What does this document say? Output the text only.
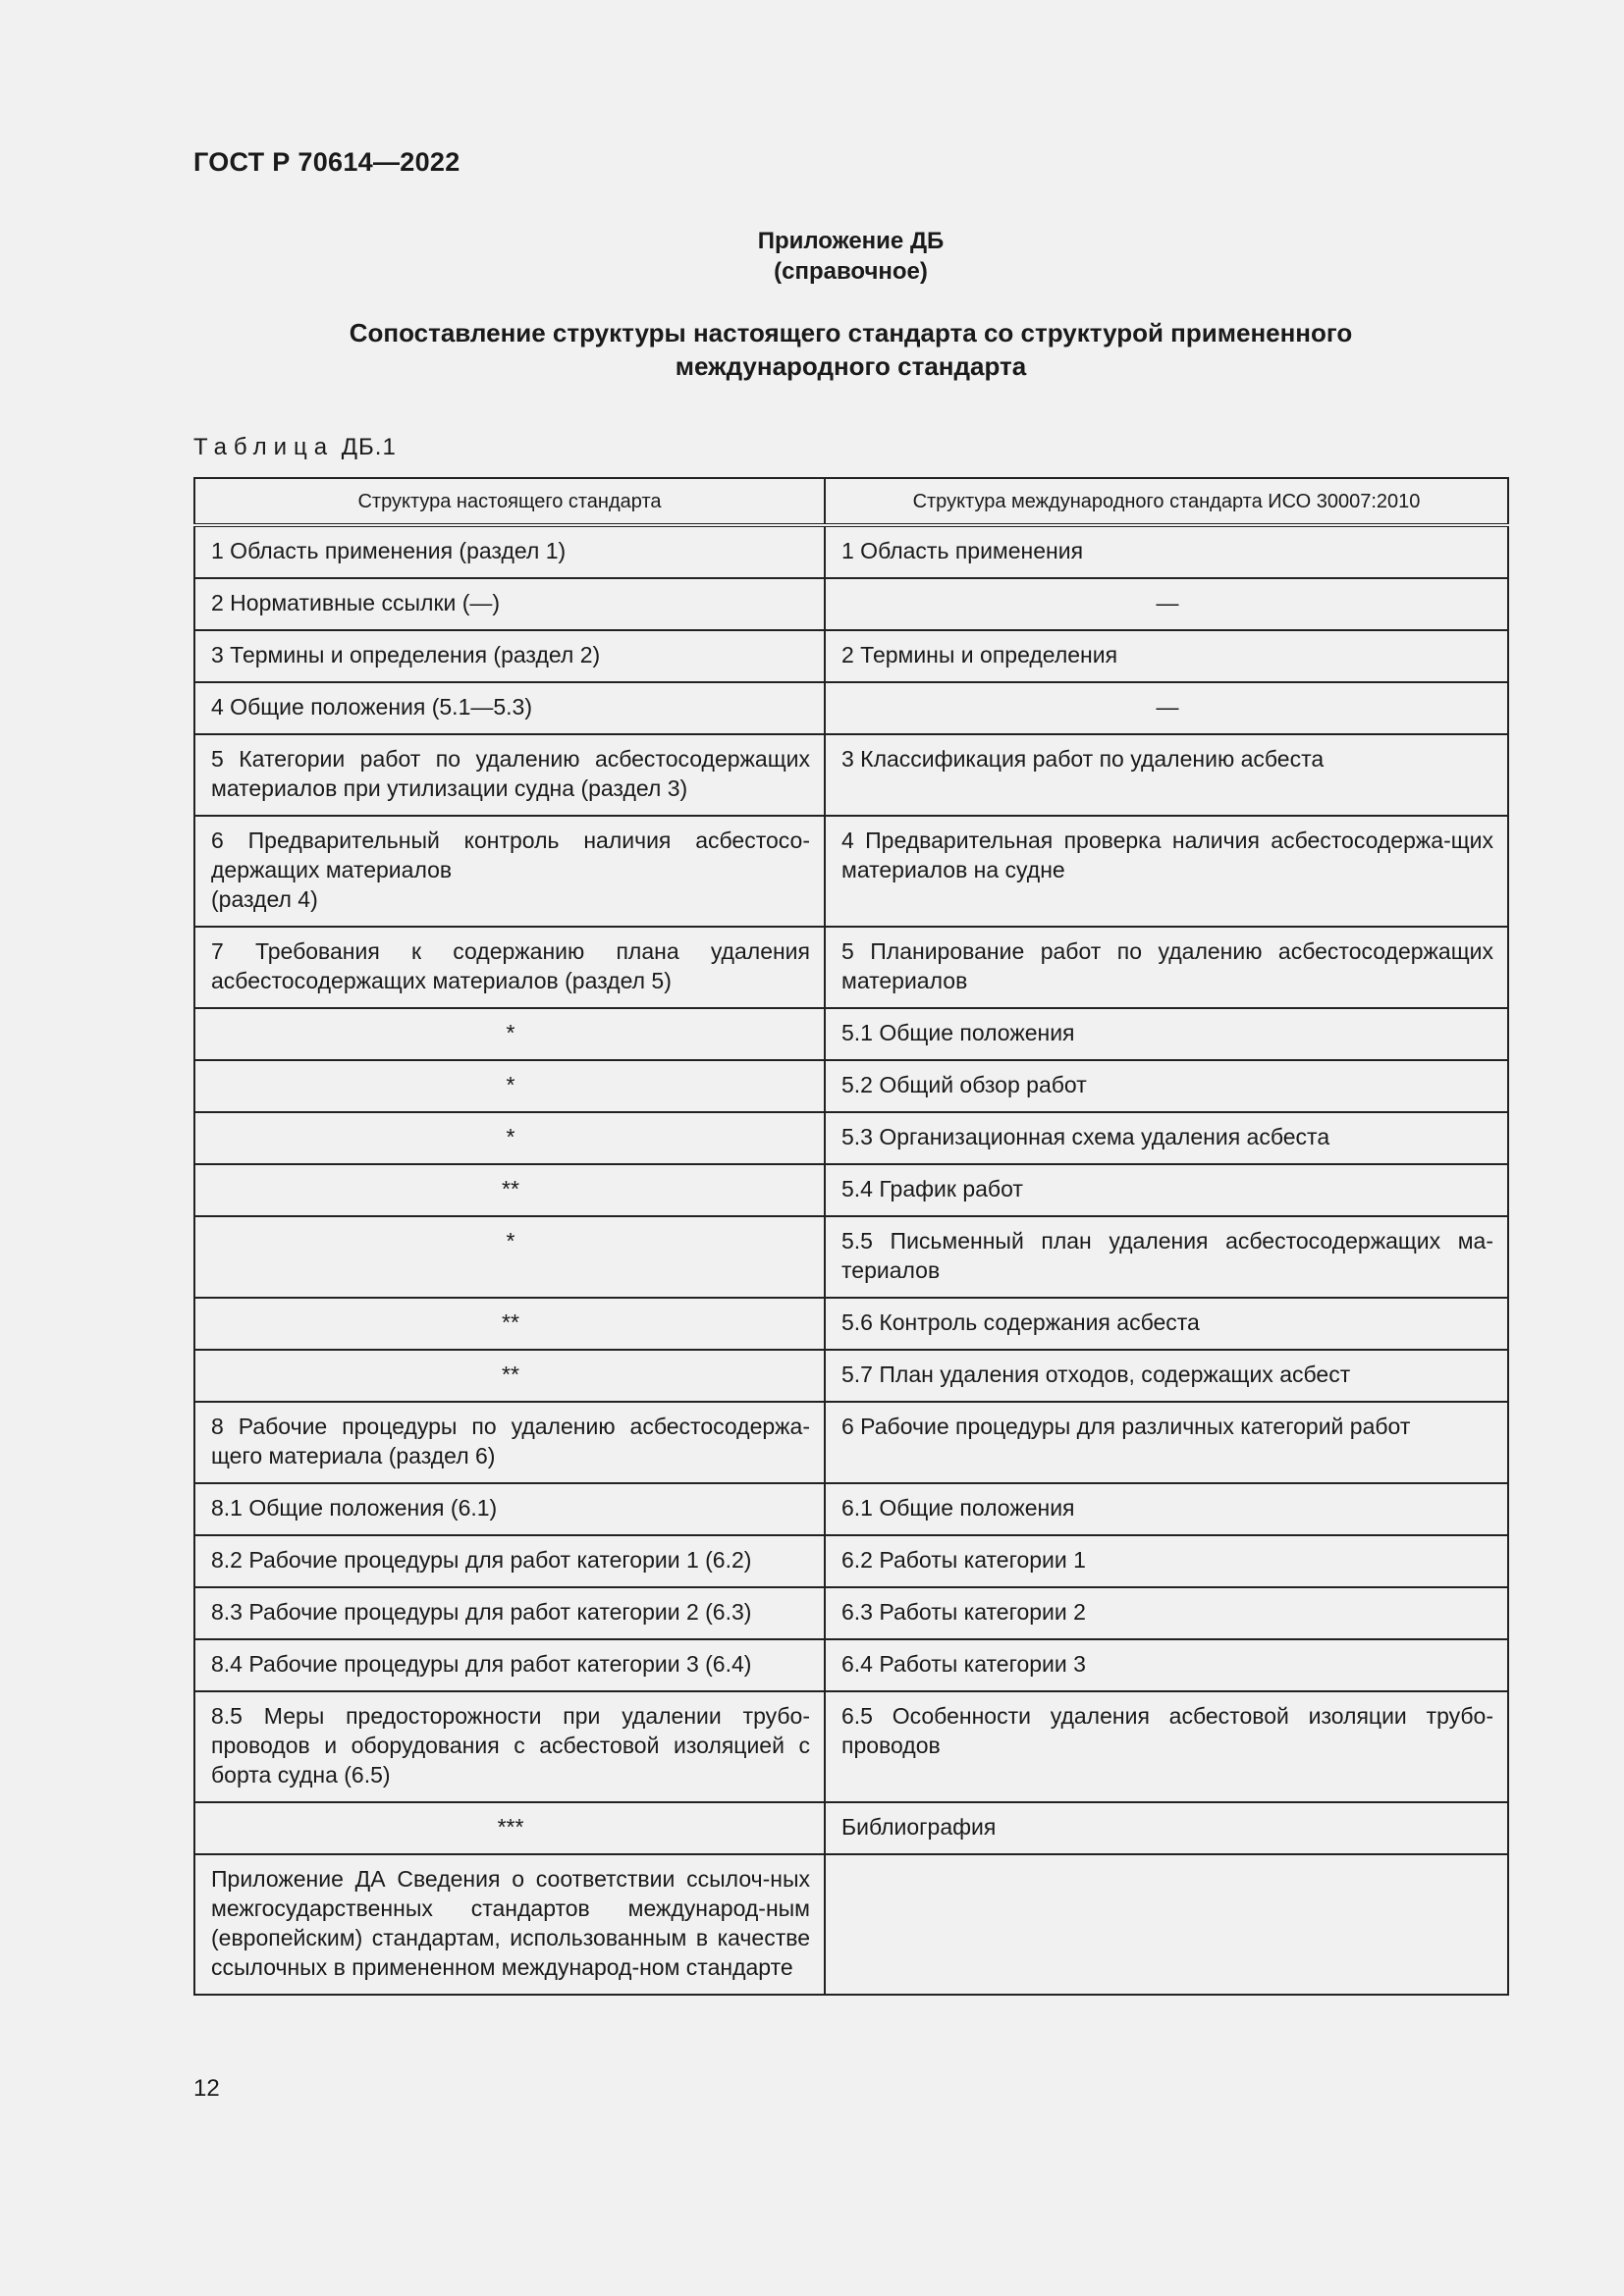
ГОСТ Р 70614—2022
Приложение ДБ
(справочное)
Сопоставление структуры настоящего стандарта со структурой примененного
международного стандарта
Таблица ДБ.1
Структура настоящего стандарта	Структура международного стандарта ИСО 30007:2010
1 Область применения (раздел 1)	1 Область применения
2 Нормативные ссылки (—)	—
3 Термины и определения (раздел 2)	2 Термины и определения
4 Общие положения (5.1—5.3)	—
5 Категории работ по удалению асбестосодержащих материалов при утилизации судна (раздел 3)	3 Классификация работ по удалению асбеста
6 Предварительный контроль наличия асбестосо-держащих материалов
(раздел 4)	4 Предварительная проверка наличия асбестосодержа-щих материалов на судне
7 Требования к содержанию плана удаления асбестосодержащих материалов (раздел 5)	5 Планирование работ по удалению асбестосодержащих материалов
*	5.1 Общие положения
*	5.2 Общий обзор работ
*	5.3 Организационная схема удаления асбеста
**	5.4 График работ
*	5.5 Письменный план удаления асбестосодержащих ма-териалов
**	5.6 Контроль содержания асбеста
**	5.7 План удаления отходов, содержащих асбест
8 Рабочие процедуры по удалению асбестосодержа-щего материала (раздел 6)	6 Рабочие процедуры для различных категорий работ
8.1 Общие положения (6.1)	6.1 Общие положения
8.2 Рабочие процедуры для работ категории 1 (6.2)	6.2 Работы категории 1
8.3 Рабочие процедуры для работ категории 2 (6.3)	6.3 Работы категории 2
8.4 Рабочие процедуры для работ категории 3 (6.4)	6.4 Работы категории 3
8.5 Меры предосторожности при удалении трубо-проводов и оборудования с асбестовой изоляцией с борта судна (6.5)	6.5 Особенности удаления асбестовой изоляции трубо-проводов
***	Библиография
Приложение ДА Сведения о соответствии ссылоч-ных межгосударственных стандартов международ-ным (европейским) стандартам, использованным в качестве ссылочных в примененном международ-ном стандарте	
12
